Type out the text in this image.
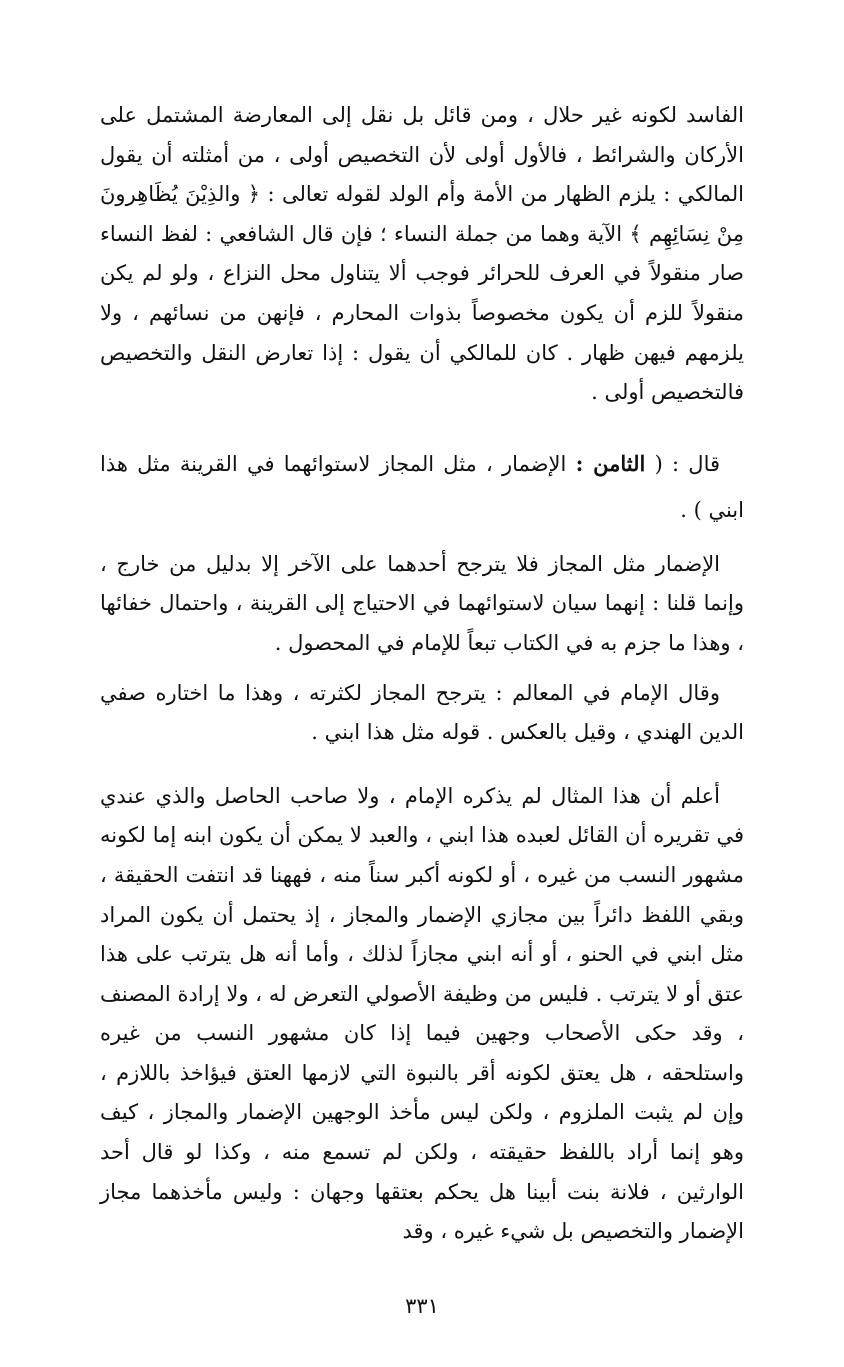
الفاسد لكونه غير حلال ، ومن قائل بل نقل إلى المعارضة المشتمل على الأركان والشرائط ، فالأول أولى لأن التخصيص أولى ، من أمثلته أن يقول المالكي : يلزم الظهار من الأمة وأم الولد لقوله تعالى : ﴿ والذِيْنَ يُظَاهِرونَ مِنْ نِسَائِهِم ﴾ الآية وهما من جملة النساء ؛ فإن قال الشافعي : لفظ النساء صار منقولاً في العرف للحرائر فوجب ألا يتناول محل النزاع ، ولو لم يكن منقولاً للزم أن يكون مخصوصاً بذوات المحارم ، فإنهن من نسائهم ، ولا يلزمهم فيهن ظهار . كان للمالكي أن يقول : إذا تعارض النقل والتخصيص فالتخصيص أولى .

قال : ( الثامن : الإضمار ، مثل المجاز لاستوائهما في القرينة مثل هذا ابني ) .

الإضمار مثل المجاز فلا يترجح أحدهما على الآخر إلا بدليل من خارج ، وإنما قلنا : إنهما سيان لاستوائهما في الاحتياج إلى القرينة ، واحتمال خفائها ، وهذا ما جزم به في الكتاب تبعاً للإمام في المحصول .

وقال الإمام في المعالم : يترجح المجاز لكثرته ، وهذا ما اختاره صفي الدين الهندي ، وقيل بالعكس . قوله مثل هذا ابني .

أعلم أن هذا المثال لم يذكره الإمام ، ولا صاحب الحاصل والذي عندي في تقريره أن القائل لعبده هذا ابني ، والعبد لا يمكن أن يكون ابنه إما لكونه مشهور النسب من غيره ، أو لكونه أكبر سناً منه ، فههنا قد انتفت الحقيقة ، وبقي اللفظ دائراً بين مجازي الإضمار والمجاز ، إذ يحتمل أن يكون المراد مثل ابني في الحنو ، أو أنه ابني مجازاً لذلك ، وأما أنه هل يترتب على هذا عتق أو لا يترتب . فليس من وظيفة الأصولي التعرض له ، ولا إرادة المصنف ، وقد حكى الأصحاب وجهين فيما إذا كان مشهور النسب من غيره واستلحقه ، هل يعتق لكونه أقر بالنبوة التي لازمها العتق فيؤاخذ باللازم ، وإن لم يثبت الملزوم ، ولكن ليس مأخذ الوجهين الإضمار والمجاز ، كيف وهو إنما أراد باللفظ حقيقته ، ولكن لم تسمع منه ، وكذا لو قال أحد الوارثين ، فلانة بنت أبينا هل يحكم بعتقها وجهان : وليس مأخذهما مجاز الإضمار والتخصيص بل شيء غيره ، وقد

٣٣١
